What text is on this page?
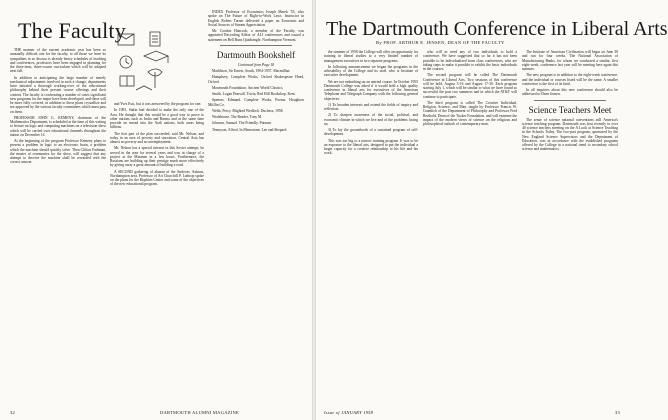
The Faculty

THE manner of the current academic year has been so unusually difficult one for the faculty, to all those we have its sympathies in so discuss is already heavy schedules of teaching and conferences, professors have been engaged in planning for the three-term, three-course curriculum which will be adopted next fall.

In addition to anticipating the large number of merely mechanical adjustments involved in such a change, departments have initiated a thorough working-over of the educational philosophy behind their present course offerings and their content. The faculty is confronting a number of cases significant new programs for the major have been developed, and these will be more fully covered, in addition to those plans crystallize and are approved by the various faculty committees which must pass on them.

PROFESSOR JOHN G. KEMENY, chairman of the Mathematics Department, is scheduled at the time of this writing to lecture on logic and computing machines on a television show which will be carried over educational channels throughout the nation on December 14.

At the beginning of the program Professor Kemeny plans to present a problem in logic to an electronic brain, a problem which the machine should quickly solve. Then Clifton Fadiman, the master of ceremonies for the show, will suggest that any attempt to deceive the machine shall be rewarded with the correct answer.

and Yves Essi, but it was answered by the program for one.

In 1905, Stalin had decided to make the only one of the Asia. He thought that this would be a good way to prove to other nations such as India and Burma and at the same time provide an inroad into the Arab nations, both areas being billions.

The first part of the plan succeeded, said Mr. Nelson, and today in an area of poverty and starvation, Central Asia has almost no poverty and no unemployment.

Mr. Nelson has a special interest in this Soviet attempt; he served in the area for several years and was in charge of a project at the Museum in a few hours. Furthermore, the Russians are building up their prestige much more effectively by giving away a great amount of building a road.

A SECOND gathering of alumni of the Andover, Auburn, Northampton area, Professor of Art Churchill P. Lathrop spoke on the plans for the Hopkins Center and some of the objectives of the new educational program.

INDEX Professor of Economics Joseph Marek '53, who spoke on The Future of Right-to-Work Laws. Instructor in English Robert Turner delivered a paper on Economic and Social Sources of Stream Appreciation.

Mr. Gordon Hancock, a member of the Faculty, was appointed Recording Editor of ALI conferences and issued a statement on Bell Runs Quadrangle, Northampton Vermont.

Dartmouth Bookshelf

Continued from Page 18

Maddison, Sir Ernest, South, 1904-1957. Macmillan.

Humphrey, Complete Works, Oxford Shakespeare Head, Oxford.

Monmouth Foundation. Ancient World Classics.

Smith, Logan Pearsall. Trivia, Red Hill Bookshop, Kent.

Spenser, Edmund. Complete Works, Poems. Houghton Mifflin Co.

Webb, Percy. Blighted Wedlock. Duchess, 1958.

Wodehouse. The Reader, Tony M.

Johnson, Samuel. The Friendly. Putnam.

Tennyson, Alfred. In Memoriam. Lee and Shepard.

32	DARTMOUTH ALUMNI MAGAZINE
The Dartmouth Conference in Liberal Arts
By PROF. ARTHUR E. JENSEN, DEAN OF THE FACULTY

the summer of 1958 the College will offer an opportunity for training in liberal studies to a very limited number of management executives in two separate programs.

In following announcement we began the programs in the advisability of the College and its staff, who is Institute of executive development.

We are not embarking on an untried course. In October 1955 Dartmouth College was asked if it would hold a high quality conference in liberal arts for executives of the American Telephone and Telegraph Company with the following general objectives:

1) To broaden interests and extend the fields of inquiry and reflection;

2) To sharpen awareness of the social, political, and economic climate in which we live and of the problems facing us;

3) To lay the groundwork of a sustained program of self-development.

This was too big to a narrow training program. It was to be an exposure to the liberal arts, designed to put the individual a larger capacity for a creative relationship to his life and his work.

who will as need any of two individuals to hold a conference. We have suggested that so far it has not been possible to be individualized from class conferences, who are taking steps to make it possible to exhibit the basic individuals in the courses.

The second program will be called The Dartmouth Conference in Liberal Arts. Two sessions of this conference will be held, August 3-16 and August 17-30. Each program starting July 1, which will be similar to what we have found so successful the past two summers and in which the AT&T will continue to participate.

The third program is called The Creative Individual, Religion, Science, and Man, taught by Professor Francis W. Gramlich of the Department of Philosophy and Professor Fred Berthold, Dean of the Tucker Foundation, and will examine the impact of the modern views of science on the religious and philosophical outlook of contemporary man.

The Institute of American Civilization will begin on June 30 and run for four weeks. The National Association of Manufacturing Banks, for whom we conducted a similar, first eight-week, conference last year will be meeting here again this summer.

The new program is in addition to the eight-week conference, and the individual or courses listed will be the same. A smaller conference is the first of its kind.

In all inquiries about this new conference should also be addressed to Dean Jensen.

Science Teachers Meet

The sense of science national conventions still America's science teaching program. Dartmouth was host recently to over 40 science teachers meeting on the A Look at Science Teaching in the Schools Today. The two-part program, sponsored by the New England Science Supervisors and the Department of Education, was in accordance with the established programs offered by the College in a national trend to secondary school science and mathematics.

Issue of JANUARY 1958	33
